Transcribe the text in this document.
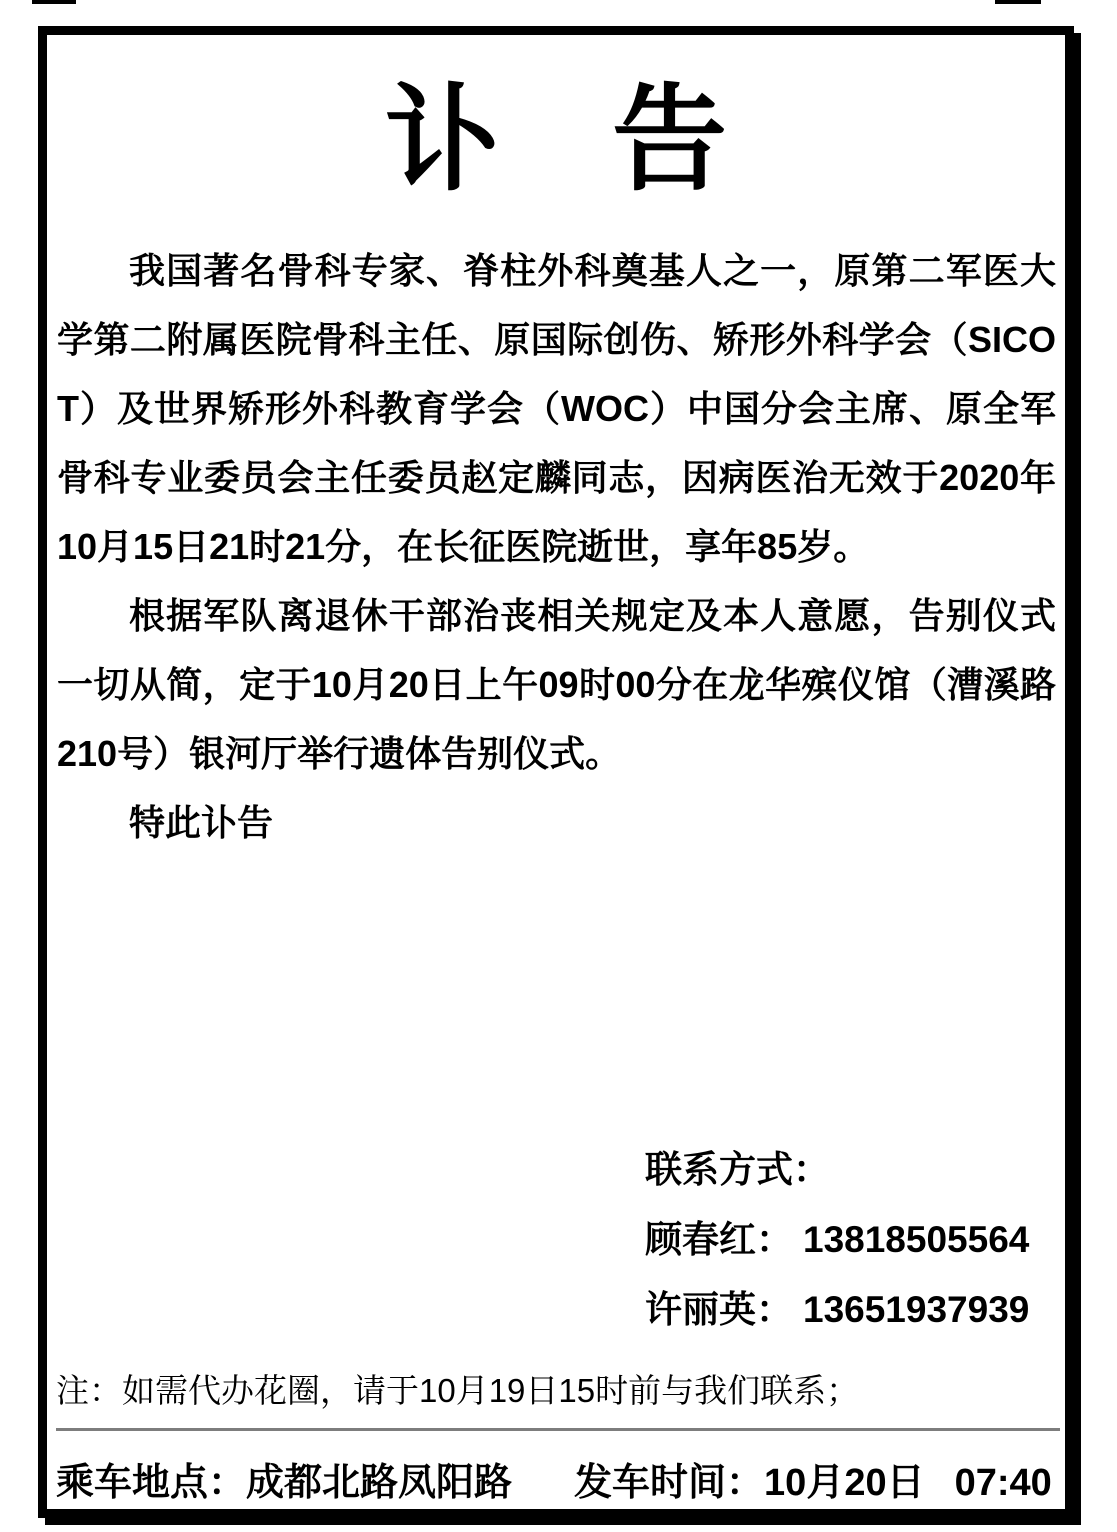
讣 告

我国著名骨科专家、脊柱外科奠基人之一，原第二军医大学第二附属医院骨科主任、原国际创伤、矫形外科学会（SICOT）及世界矫形外科教育学会（WOC）中国分会主席、原全军骨科专业委员会主任委员赵定麟同志，因病医治无效于2020年10月15日21时21分，在长征医院逝世，享年85岁。

根据军队离退休干部治丧相关规定及本人意愿，告别仪式一切从简，定于10月20日上午09时00分在龙华殡仪馆（漕溪路210号）银河厅举行遗体告别仪式。

特此讣告

联系方式：
顾春红： 13818505564
许丽英： 13651937939
注：如需代办花圈，请于10月19日15时前与我们联系；
乘车地点：成都北路凤阳路 发车时间：10月20日 07:40
